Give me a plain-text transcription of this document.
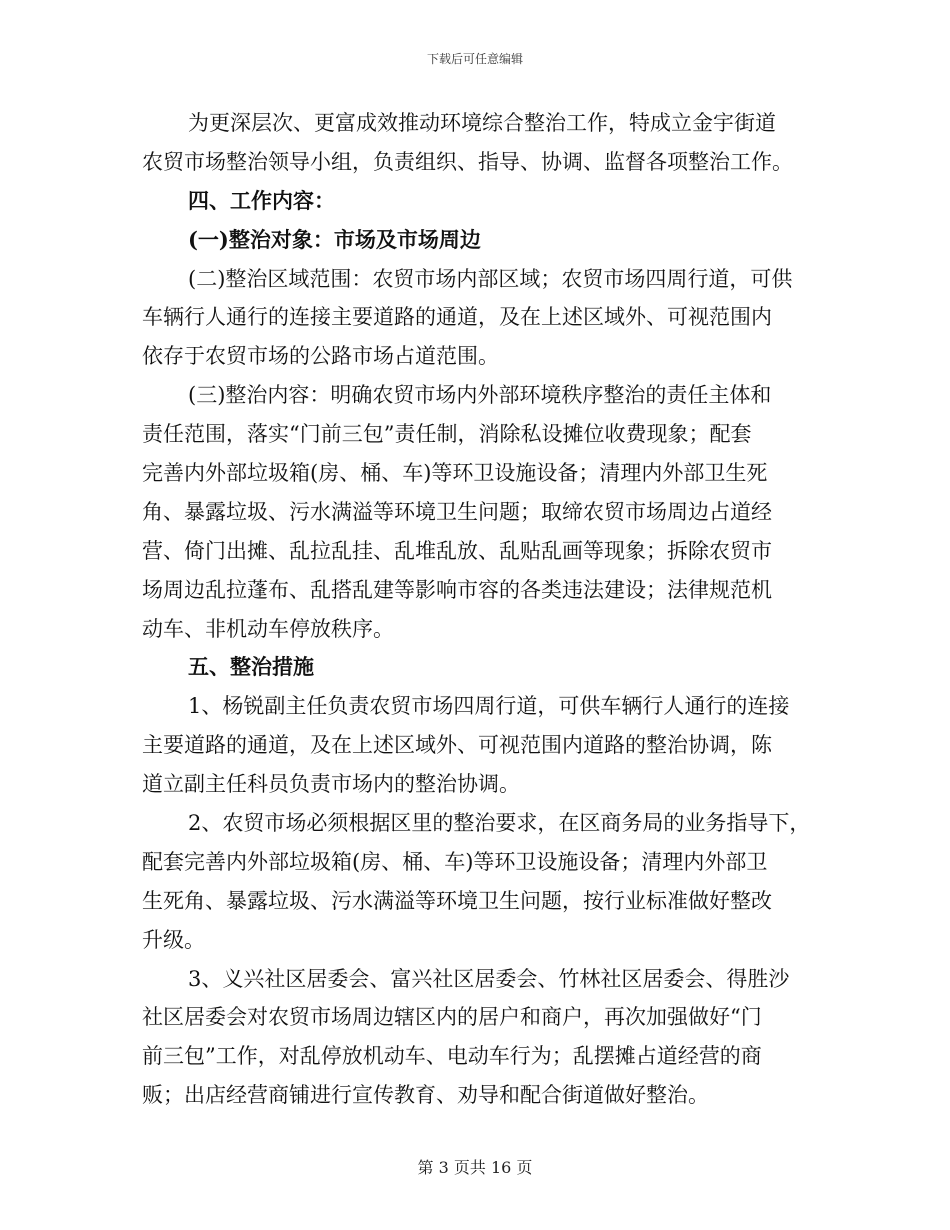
下载后可任意编辑

为更深层次、更富成效推动环境综合整治工作，特成立金宇街道

农贸市场整治领导小组，负责组织、指导、协调、监督各项整治工作。

四、工作内容：

(一)整治对象：市场及市场周边

(二)整治区域范围：农贸市场内部区域；农贸市场四周行道，可供

车辆行人通行的连接主要道路的通道，及在上述区域外、可视范围内

依存于农贸市场的公路市场占道范围。

(三)整治内容：明确农贸市场内外部环境秩序整治的责任主体和

责任范围，落实“门前三包”责任制，消除私设摊位收费现象；配套

完善内外部垃圾箱(房、桶、车)等环卫设施设备；清理内外部卫生死

角、暴露垃圾、污水满溢等环境卫生问题；取缔农贸市场周边占道经

营、倚门出摊、乱拉乱挂、乱堆乱放、乱贴乱画等现象；拆除农贸市

场周边乱拉蓬布、乱搭乱建等影响市容的各类违法建设；法律规范机

动车、非机动车停放秩序。

五、整治措施

1、杨锐副主任负责农贸市场四周行道，可供车辆行人通行的连接

主要道路的通道，及在上述区域外、可视范围内道路的整治协调，陈

道立副主任科员负责市场内的整治协调。

2、农贸市场必须根据区里的整治要求，在区商务局的业务指导下，

配套完善内外部垃圾箱(房、桶、车)等环卫设施设备；清理内外部卫

生死角、暴露垃圾、污水满溢等环境卫生问题，按行业标准做好整改

升级。

3、义兴社区居委会、富兴社区居委会、竹林社区居委会、得胜沙

社区居委会对农贸市场周边辖区内的居户和商户，再次加强做好“门

前三包”工作，对乱停放机动车、电动车行为；乱摆摊占道经营的商

贩；出店经营商铺进行宣传教育、劝导和配合街道做好整治。

第 3 页共 16 页
